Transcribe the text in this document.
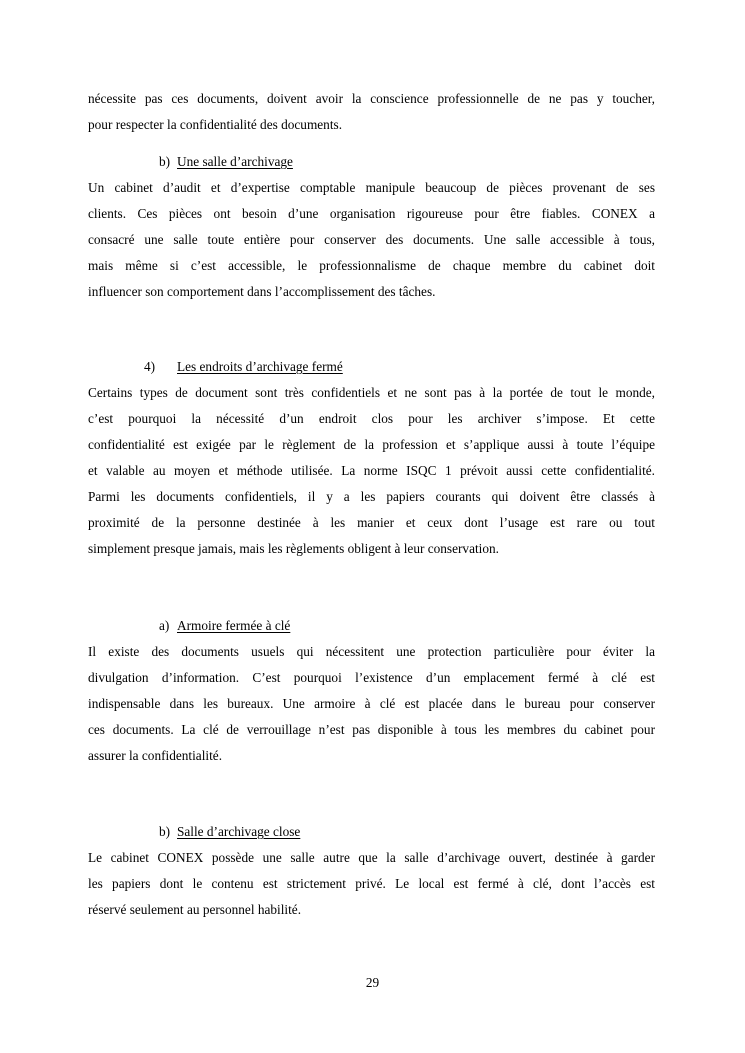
nécessite pas ces documents, doivent avoir la conscience professionnelle de ne pas y toucher,
pour respecter la confidentialité des documents.
b) Une salle d’archivage
Un cabinet d’audit et d’expertise comptable manipule beaucoup de pièces provenant de ses
clients. Ces pièces ont besoin d’une organisation rigoureuse pour être fiables. CONEX a
consacré une salle toute entière pour conserver des documents. Une salle accessible à tous,
mais même si c’est accessible, le professionnalisme de chaque membre du cabinet doit
influencer son comportement dans l’accomplissement des tâches.
4) Les endroits d’archivage fermé
Certains types de document sont très confidentiels et ne sont pas à la portée de tout le monde,
c’est pourquoi la nécessité d’un endroit clos pour les archiver s’impose. Et cette
confidentialité est exigée par le règlement de la profession et s’applique aussi à toute l’équipe
et valable au moyen et méthode utilisée. La norme ISQC 1 prévoit aussi cette confidentialité.
Parmi les documents confidentiels, il y a les papiers courants qui doivent être classés à
proximité de la personne destinée à les manier et ceux dont l’usage est rare ou tout
simplement presque jamais, mais les règlements obligent à leur conservation.
a) Armoire fermée à clé
Il existe des documents usuels qui nécessitent une protection particulière pour éviter la
divulgation d’information. C’est pourquoi l’existence d’un emplacement fermé à clé est
indispensable dans les bureaux. Une armoire à clé est placée dans le bureau pour conserver
ces documents. La clé de verrouillage n’est pas disponible à tous les membres du cabinet pour
assurer la confidentialité.
b) Salle d’archivage close
Le cabinet CONEX possède une salle autre que la salle d’archivage ouvert, destinée à garder
les papiers dont le contenu est strictement privé. Le local est fermé à clé, dont l’accès est
réservé seulement au personnel habilité.
29
